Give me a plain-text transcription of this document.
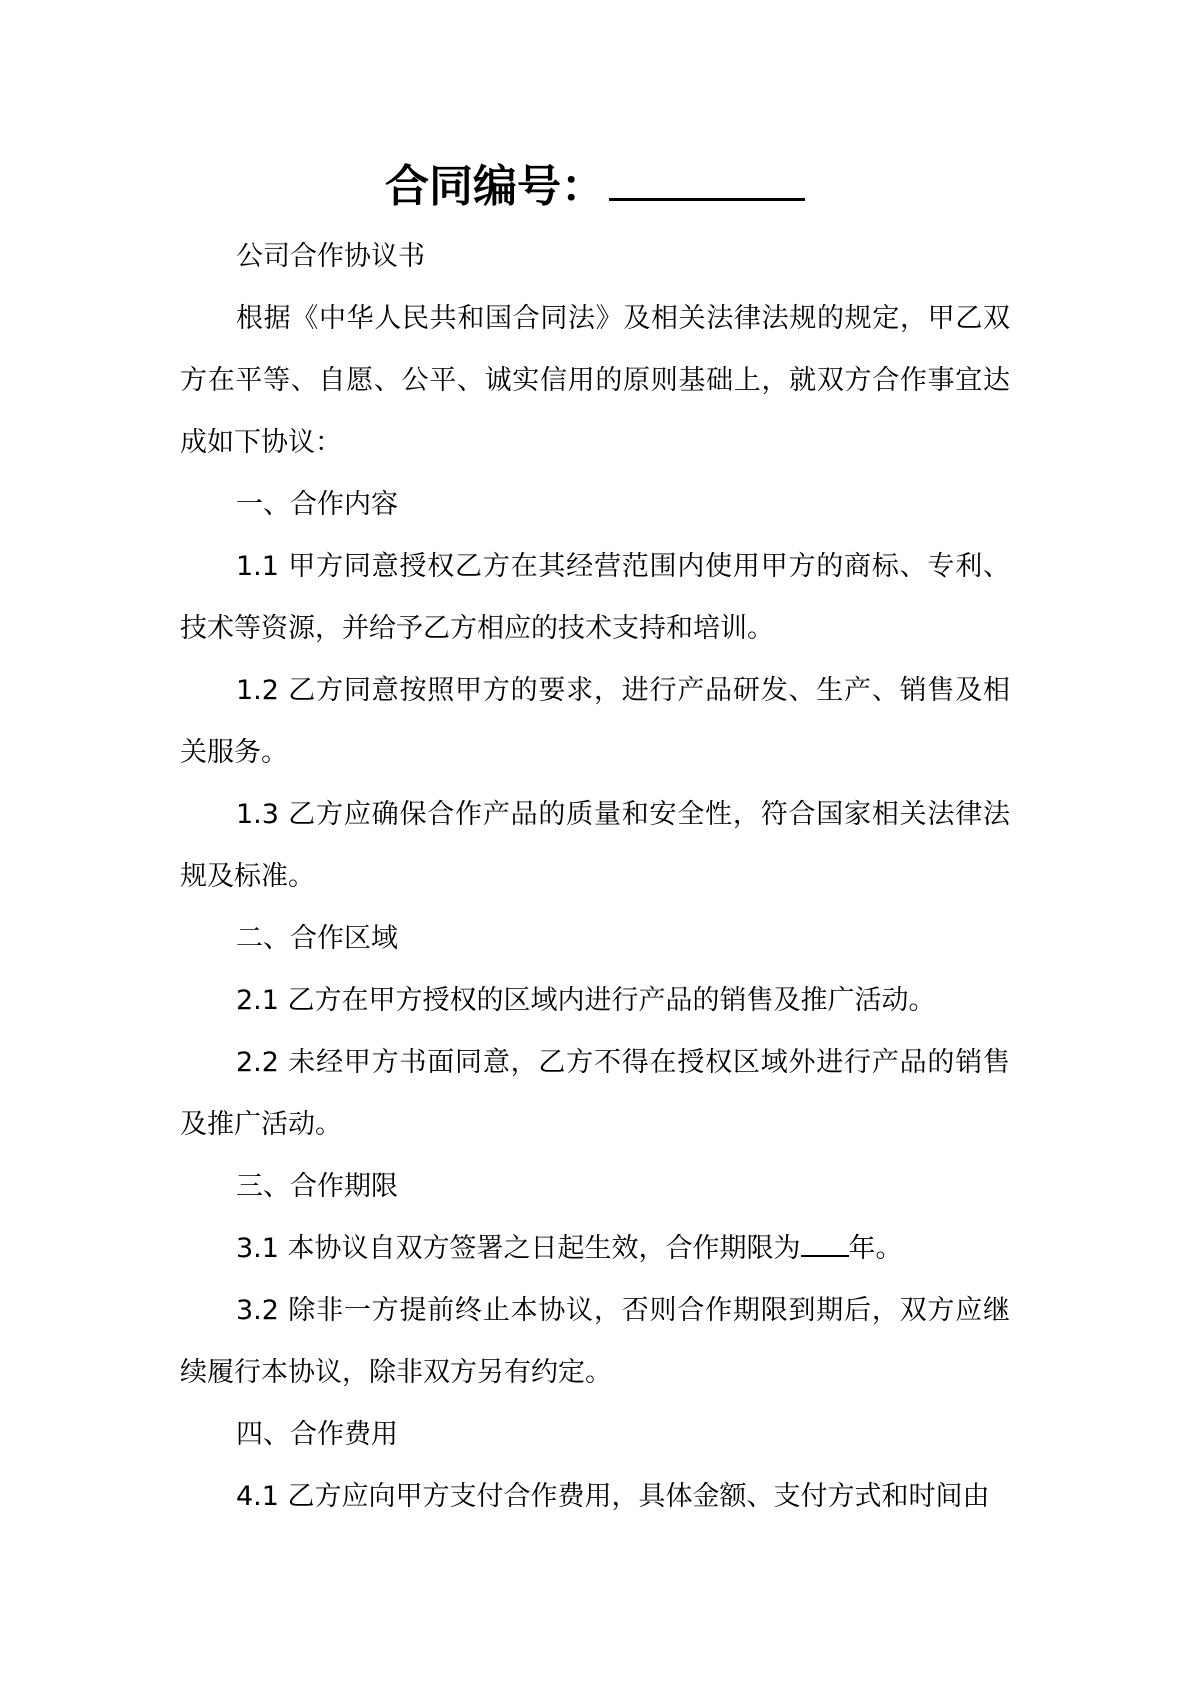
合同编号：

公司合作协议书

根据《中华人民共和国合同法》及相关法律法规的规定，甲乙双方在平等、自愿、公平、诚实信用的原则基础上，就双方合作事宜达成如下协议：

一、合作内容

1.1 甲方同意授权乙方在其经营范围内使用甲方的商标、专利、技术等资源，并给予乙方相应的技术支持和培训。

1.2 乙方同意按照甲方的要求，进行产品研发、生产、销售及相关服务。

1.3 乙方应确保合作产品的质量和安全性，符合国家相关法律法规及标准。

二、合作区域

2.1 乙方在甲方授权的区域内进行产品的销售及推广活动。

2.2 未经甲方书面同意，乙方不得在授权区域外进行产品的销售及推广活动。

三、合作期限

3.1 本协议自双方签署之日起生效，合作期限为 年。

3.2 除非一方提前终止本协议，否则合作期限到期后，双方应继续履行本协议，除非双方另有约定。

四、合作费用

4.1 乙方应向甲方支付合作费用，具体金额、支付方式和时间由
